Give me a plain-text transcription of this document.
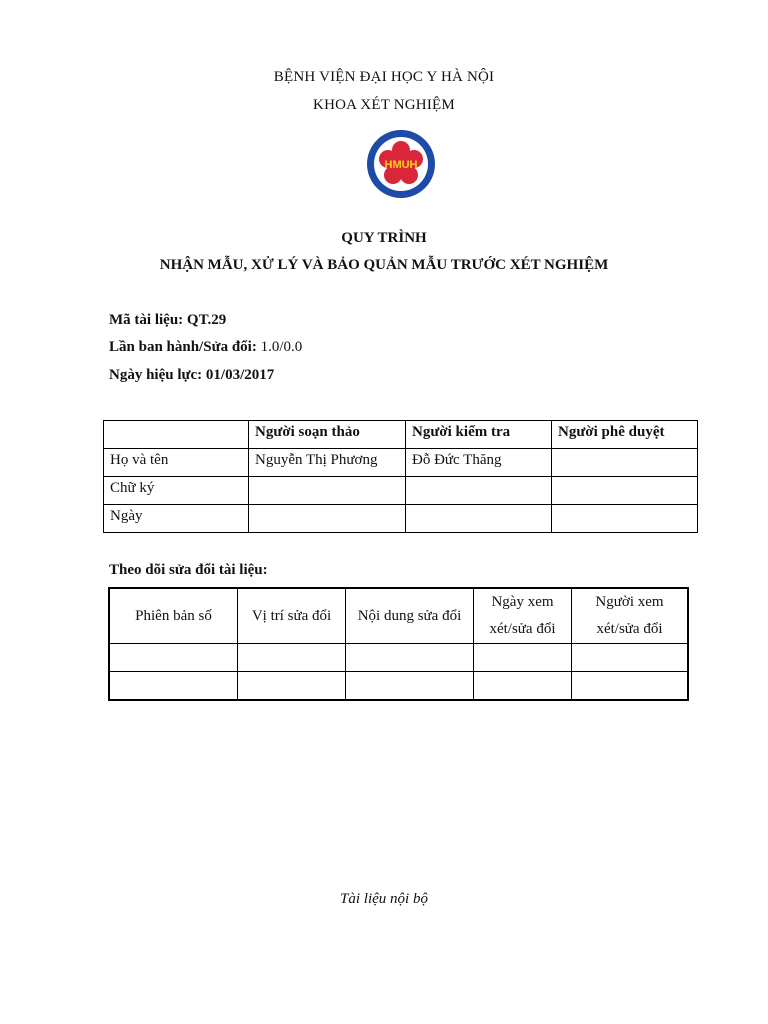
BỆNH VIỆN ĐẠI HỌC Y HÀ NỘI
KHOA XÉT NGHIỆM
HMUH
QUY TRÌNH
NHẬN MẪU, XỬ LÝ VÀ BẢO QUẢN MẪU TRƯỚC XÉT NGHIỆM
Mã tài liệu: QT.29
Lần ban hành/Sửa đổi: 1.0/0.0
Ngày hiệu lực: 01/03/2017
	Người soạn thảo	Người kiểm tra	Người phê duyệt
Họ và tên	Nguyễn Thị Phương	Đỗ Đức Thăng	
Chữ ký			
Ngày			
Theo dõi sửa đổi tài liệu:
Phiên bản số	Vị trí sửa đổi	Nội dung sửa đổi	Ngày xem xét/sửa đổi	Người xem xét/sửa đổi

Tài liệu nội bộ
